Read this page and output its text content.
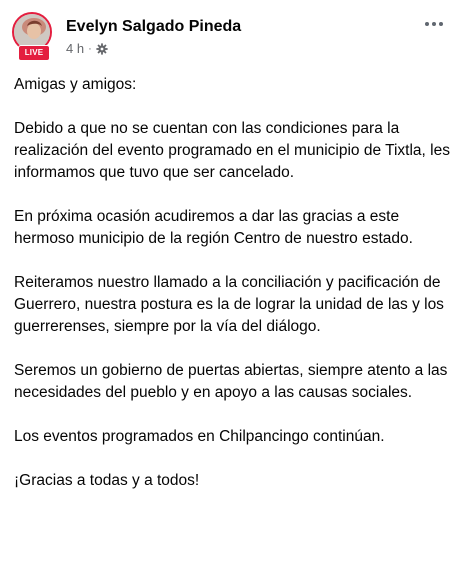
LIVE
Evelyn Salgado Pineda
4 h ·

Amigas y amigos:

Debido a que no se cuentan con las condiciones para la realización del evento programado en el municipio de Tixtla, les informamos que tuvo que ser cancelado.

En próxima ocasión acudiremos a dar las gracias a este hermoso municipio de la región Centro de nuestro estado.

Reiteramos nuestro llamado a la conciliación y pacificación de Guerrero, nuestra postura es la de lograr la unidad de las y los guerrerenses, siempre por la vía del diálogo.

Seremos un gobierno de puertas abiertas, siempre atento a las necesidades del pueblo y en apoyo a las causas sociales.

Los eventos programados en Chilpancingo continúan.

¡Gracias a todas y a todos!
